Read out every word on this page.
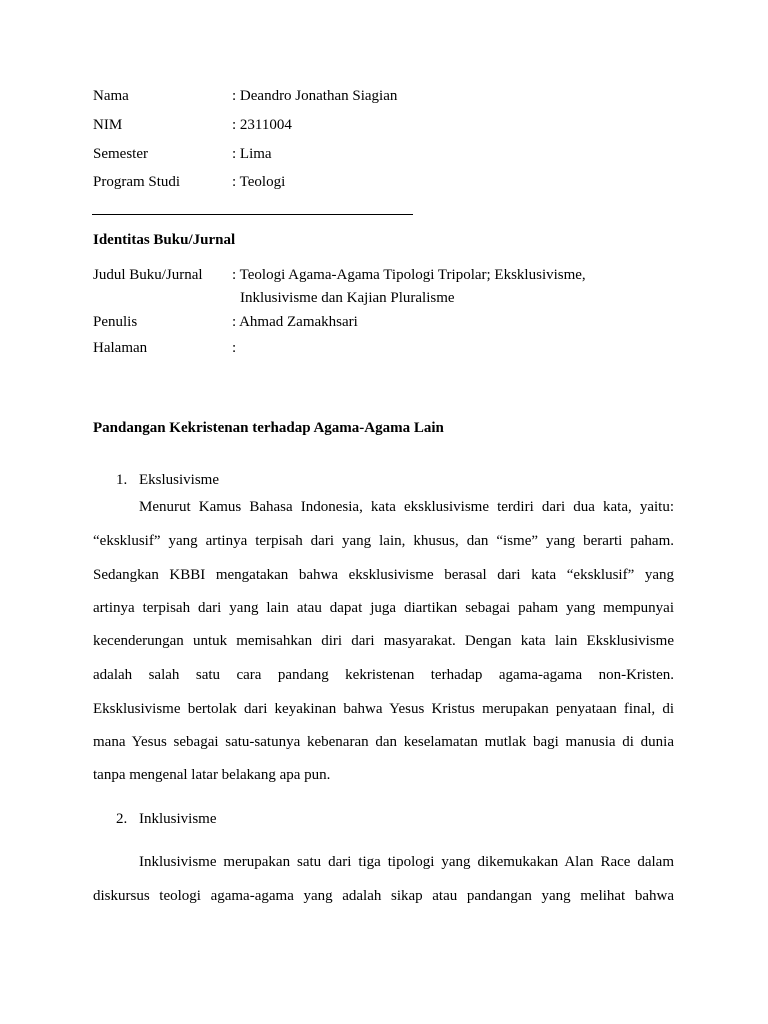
Nama	: Deandro Jonathan Siagian
NIM	: 2311004
Semester	: Lima
Program Studi	: Teologi
Identitas Buku/Jurnal
Judul Buku/Jurnal : Teologi Agama-Agama Tipologi Tripolar; Eksklusivisme,
Inklusivisme dan Kajian Pluralisme
Penulis	: Ahmad Zamakhsari
Halaman	:
Pandangan Kekristenan terhadap Agama-Agama Lain
1. Ekslusivisme
Menurut Kamus Bahasa Indonesia, kata eksklusivisme terdiri dari dua kata, yaitu:
“eksklusif” yang artinya terpisah dari yang lain, khusus, dan “isme” yang berarti paham.
Sedangkan KBBI mengatakan bahwa eksklusivisme berasal dari kata “eksklusif” yang
artinya terpisah dari yang lain atau dapat juga diartikan sebagai paham yang mempunyai
kecenderungan untuk memisahkan diri dari masyarakat. Dengan kata lain Eksklusivisme
adalah salah satu cara pandang kekristenan terhadap agama-agama non-Kristen.
Eksklusivisme bertolak dari keyakinan bahwa Yesus Kristus merupakan penyataan final, di
mana Yesus sebagai satu-satunya kebenaran dan keselamatan mutlak bagi manusia di dunia
tanpa mengenal latar belakang apa pun.
2. Inklusivisme
Inklusivisme merupakan satu dari tiga tipologi yang dikemukakan Alan Race dalam
diskursus teologi agama-agama yang adalah sikap atau pandangan yang melihat bahwa
